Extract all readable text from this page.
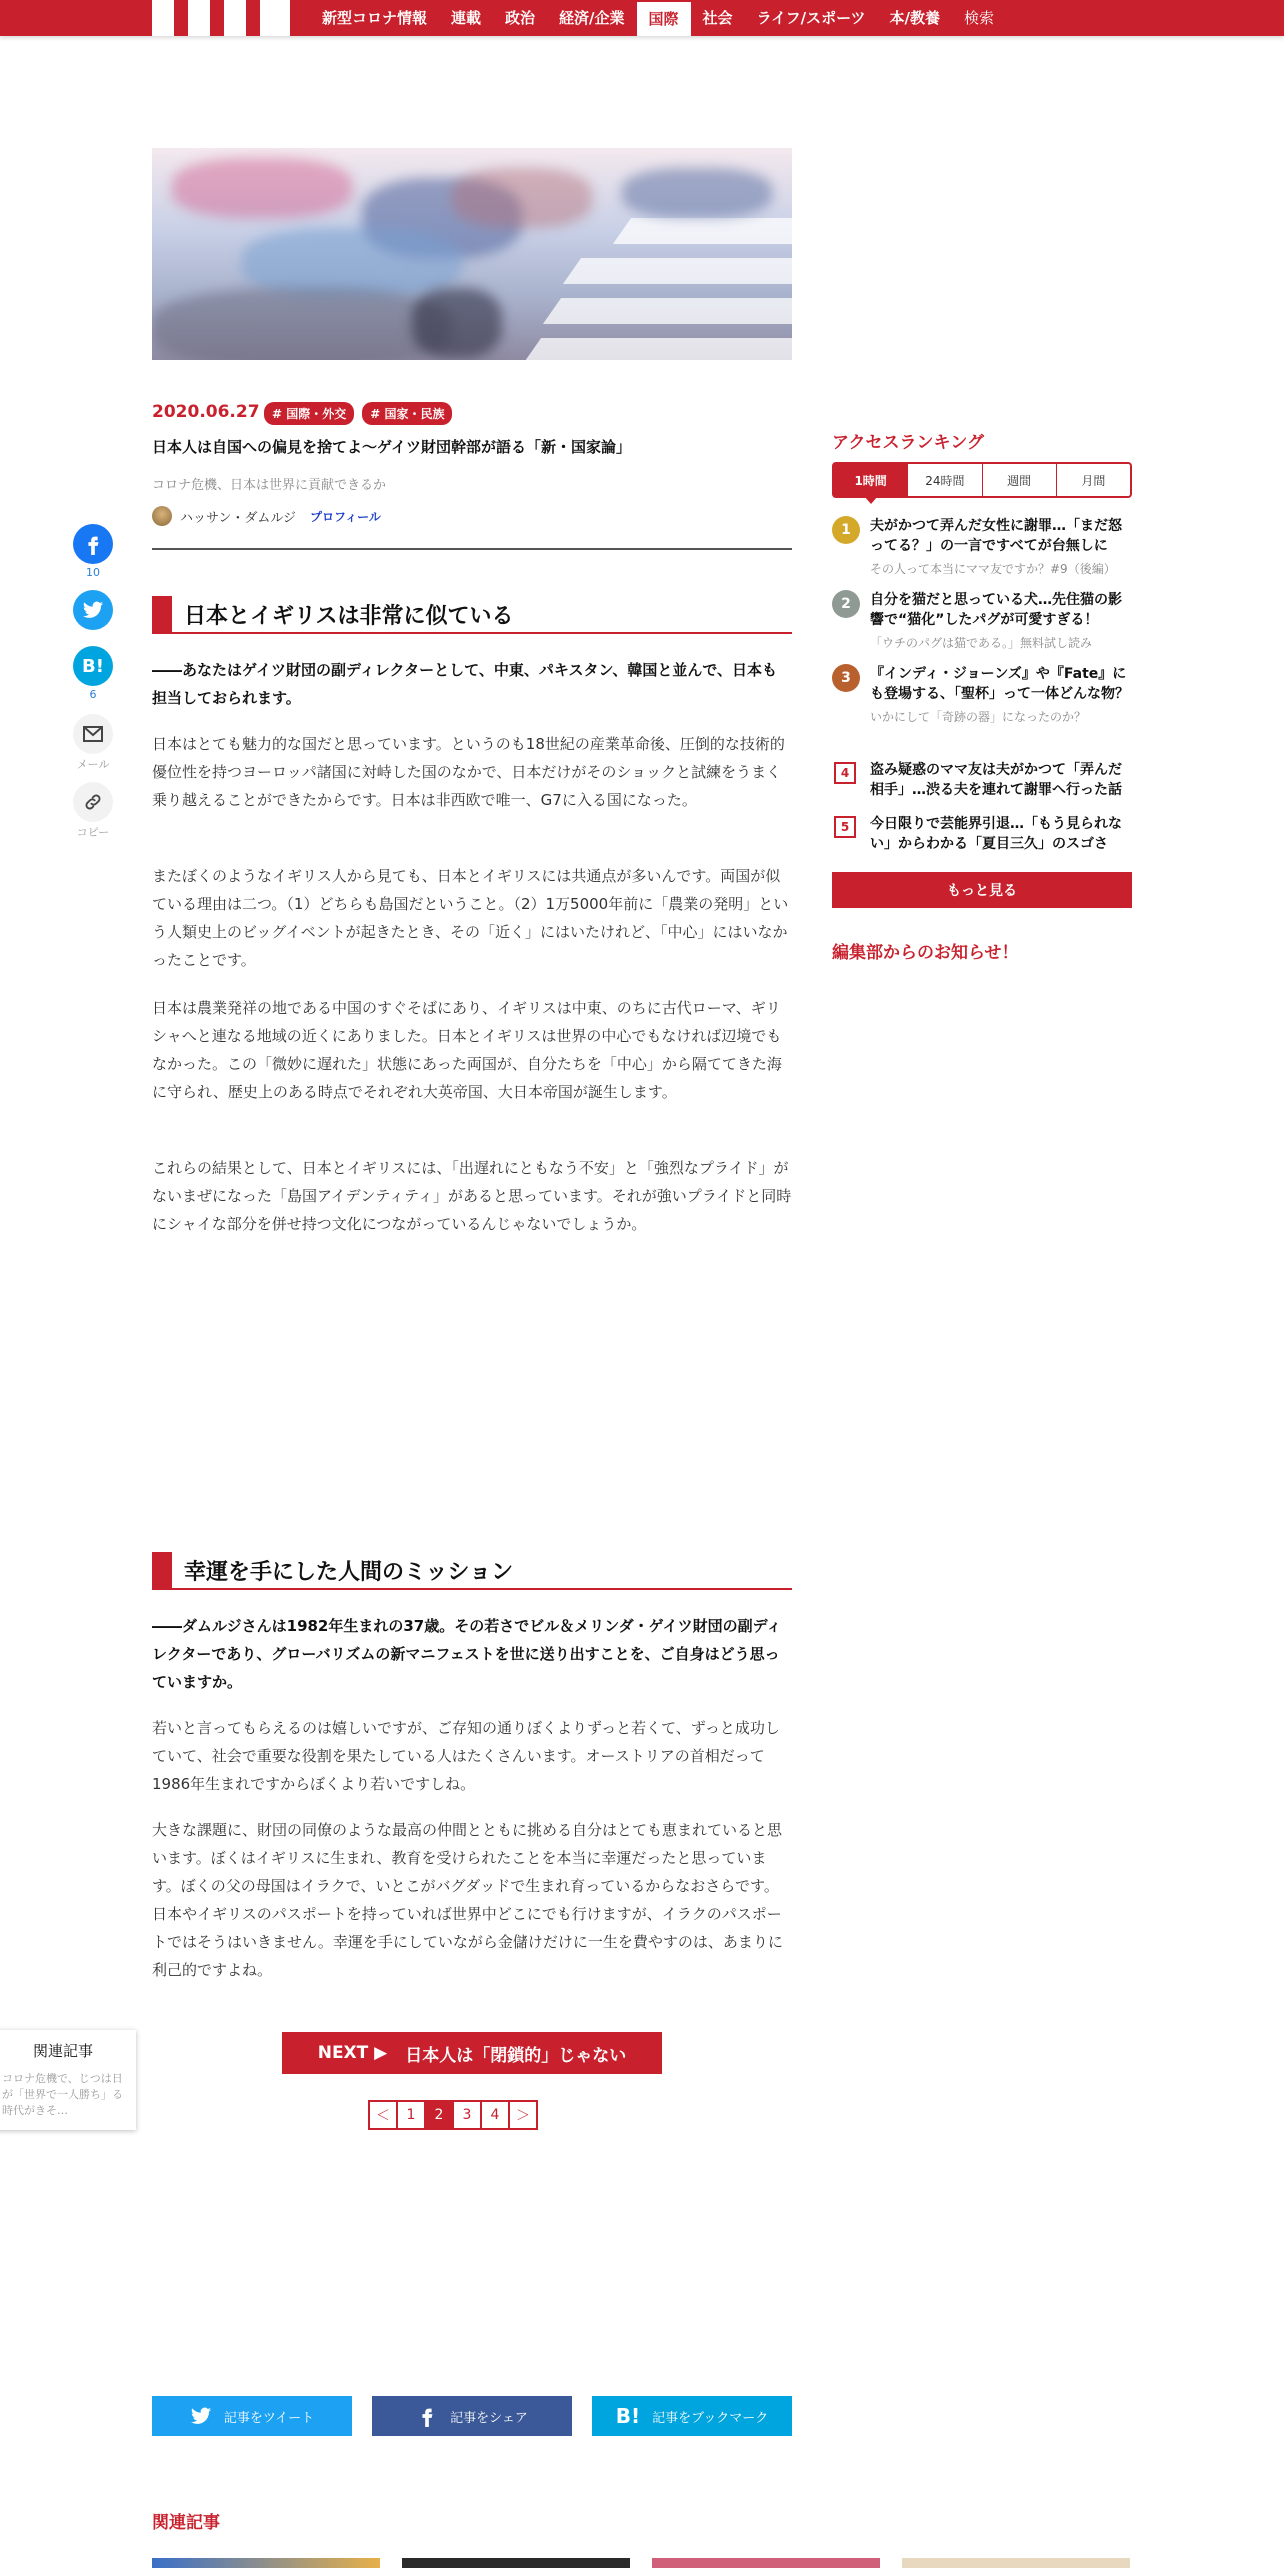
新型コロナ情報	連載	政治	経済/企業	国際	社会	ライフ/スポーツ	本/教養	検索
2020.06.27	# 国際・外交	# 国家・民族
日本人は自国への偏見を捨てよ〜ゲイツ財団幹部が語る「新・国家論」
コロナ危機、日本は世界に貢献できるか
ハッサン・ダムルジ プロフィール
10
B!
6
メール
コピー
日本とイギリスは非常に似ている
――あなたはゲイツ財団の副ディレクターとして、中東、パキスタン、韓国と並んで、日本も担当しておられます。
日本はとても魅力的な国だと思っています。というのも18世紀の産業革命後、圧倒的な技術的優位性を持つヨーロッパ諸国に対峙した国のなかで、日本だけがそのショックと試練をうまく乗り越えることができたからです。日本は非西欧で唯一、G7に入る国になった。
またぼくのようなイギリス人から見ても、日本とイギリスには共通点が多いんです。両国が似ている理由は二つ。（1）どちらも島国だということ。（2）1万5000年前に「農業の発明」という人類史上のビッグイベントが起きたとき、その「近く」にはいたけれど、「中心」にはいなかったことです。
日本は農業発祥の地である中国のすぐそばにあり、イギリスは中東、のちに古代ローマ、ギリシャへと連なる地域の近くにありました。日本とイギリスは世界の中心でもなければ辺境でもなかった。この「微妙に遅れた」状態にあった両国が、自分たちを「中心」から隔ててきた海に守られ、歴史上のある時点でそれぞれ大英帝国、大日本帝国が誕生します。
これらの結果として、日本とイギリスには、「出遅れにともなう不安」と「強烈なプライド」がないまぜになった「島国アイデンティティ」があると思っています。それが強いプライドと同時にシャイな部分を併せ持つ文化につながっているんじゃないでしょうか。
幸運を手にした人間のミッション
――ダムルジさんは1982年生まれの37歳。その若さでビル＆メリンダ・ゲイツ財団の副ディレクターであり、グローバリズムの新マニフェストを世に送り出すことを、ご自身はどう思っていますか。
若いと言ってもらえるのは嬉しいですが、ご存知の通りぼくよりずっと若くて、ずっと成功していて、社会で重要な役割を果たしている人はたくさんいます。オーストリアの首相だって1986年生まれですからぼくより若いですしね。
大きな課題に、財団の同僚のような最高の仲間とともに挑める自分はとても恵まれていると思います。ぼくはイギリスに生まれ、教育を受けられたことを本当に幸運だったと思っています。ぼくの父の母国はイラクで、いとこがバグダッドで生まれ育っているからなおさらです。日本やイギリスのパスポートを持っていれば世界中どこにでも行けますが、イラクのパスポートではそうはいきません。幸運を手にしていながら金儲けだけに一生を費やすのは、あまりに利己的ですよね。
アクセスランキング
1時間	24時間	週間	月間
1	夫がかつて弄んだ女性に謝罪…「まだ怒ってる？」の一言ですべてが台無しに
その人って本当にママ友ですか？#9（後編）
2	自分を猫だと思っている犬…先住猫の影響で“猫化”したパグが可愛すぎる！
「ウチのパグは猫である。」無料試し読み
3	『インディ・ジョーンズ』や『Fate』にも登場する、「聖杯」って一体どんな物？
いかにして「奇跡の器」になったのか？
4	盗み疑惑のママ友は夫がかつて「弄んだ相手」…渋る夫を連れて謝罪へ行った話
5	今日限りで芸能界引退…「もう見られない」からわかる「夏目三久」のスゴさ
もっと見る
編集部からのお知らせ！
関連記事
コロナ危機で、じつは日が「世界で一人勝ち」る時代がきそ…
NEXT ▶ 日本人は「閉鎖的」じゃない
＜	1	2	3	4	＞
記事をツイート	記事をシェア	B! 記事をブックマーク
関連記事
